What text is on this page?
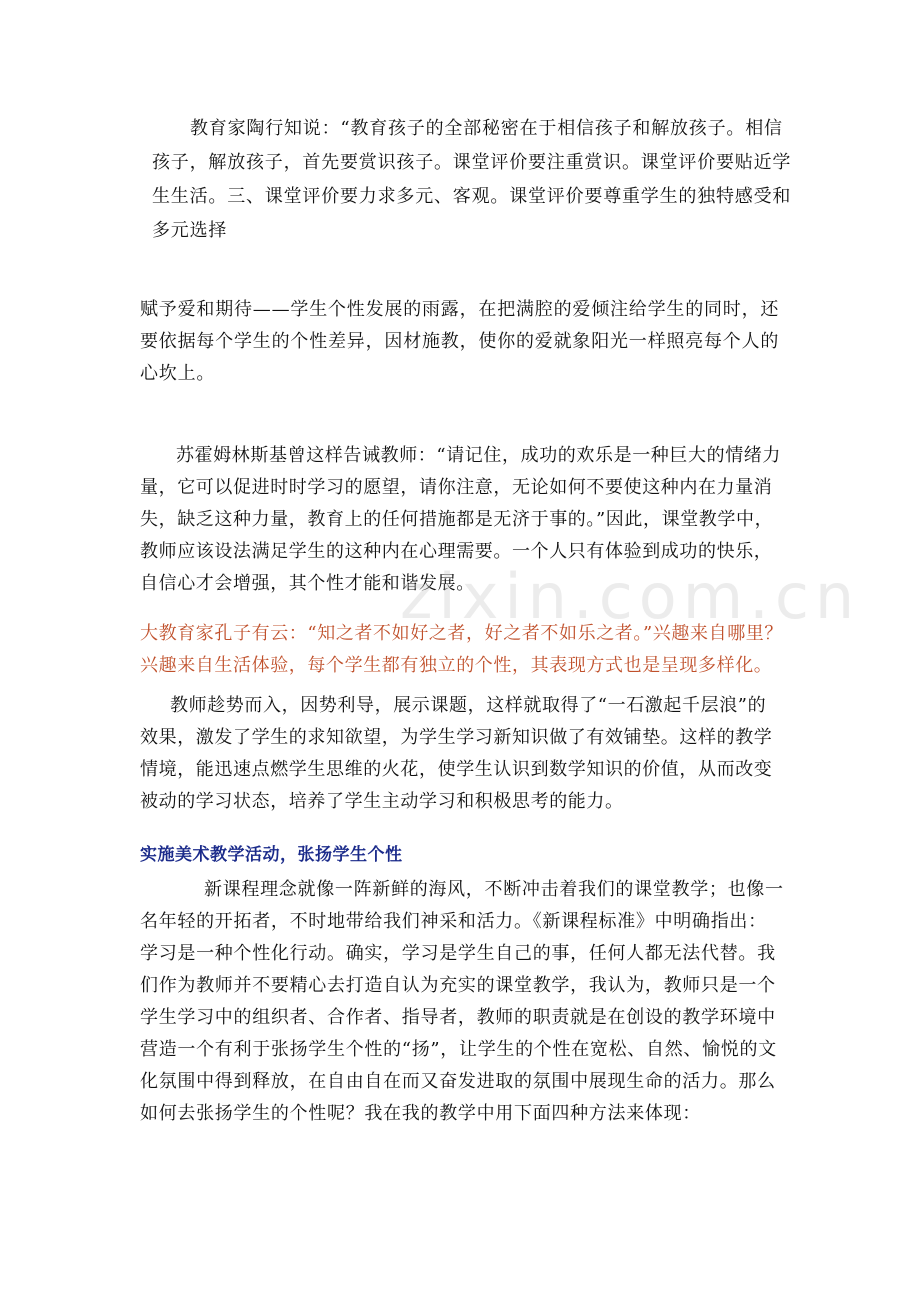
教育家陶行知说：“教育孩子的全部秘密在于相信孩子和解放孩子。相信孩子，解放孩子，首先要赏识孩子。课堂评价要注重赏识。课堂评价要贴近学生生活。三、课堂评价要力求多元、客观。课堂评价要尊重学生的独特感受和多元选择

赋予爱和期待——学生个性发展的雨露，在把满腔的爱倾注给学生的同时，还要依据每个学生的个性差异，因材施教，使你的爱就象阳光一样照亮每个人的心坎上。

苏霍姆林斯基曾这样告诫教师：“请记住，成功的欢乐是一种巨大的情绪力量，它可以促进时时学习的愿望，请你注意，无论如何不要使这种内在力量消失，缺乏这种力量，教育上的任何措施都是无济于事的。”因此，课堂教学中，教师应该设法满足学生的这种内在心理需要。一个人只有体验到成功的快乐，自信心才会增强，其个性才能和谐发展。

zixin.com.cn

大教育家孔子有云：“知之者不如好之者，好之者不如乐之者。”兴趣来自哪里？兴趣来自生活体验，每个学生都有独立的个性，其表现方式也是呈现多样化。

教师趁势而入，因势利导，展示课题，这样就取得了“一石激起千层浪”的效果，激发了学生的求知欲望，为学生学习新知识做了有效铺垫。这样的教学情境，能迅速点燃学生思维的火花，使学生认识到数学知识的价值，从而改变被动的学习状态，培养了学生主动学习和积极思考的能力。

实施美术教学活动，张扬学生个性

新课程理念就像一阵新鲜的海风，不断冲击着我们的课堂教学；也像一名年轻的开拓者，不时地带给我们神采和活力。《新课程标准》中明确指出：学习是一种个性化行动。确实，学习是学生自己的事，任何人都无法代替。我们作为教师并不要精心去打造自认为充实的课堂教学，我认为，教师只是一个学生学习中的组织者、合作者、指导者，教师的职责就是在创设的教学环境中营造一个有利于张扬学生个性的“扬”，让学生的个性在宽松、自然、愉悦的文化氛围中得到释放，在自由自在而又奋发进取的氛围中展现生命的活力。那么如何去张扬学生的个性呢？我在我的教学中用下面四种方法来体现：
